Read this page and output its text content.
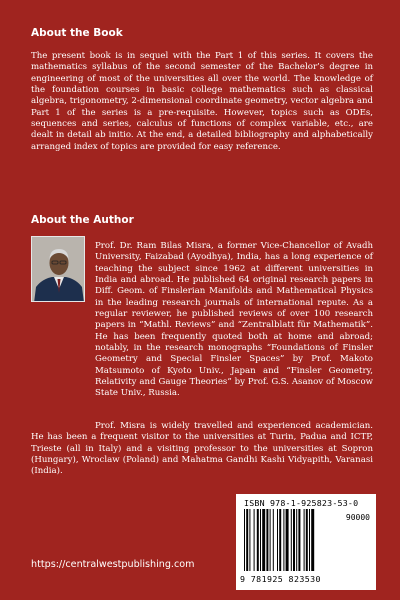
About the Book

The present book is in sequel with the Part 1 of this series. It covers the mathematics syllabus of the second semester of the Bachelor’s degree in engineering of most of the universities all over the world. The knowledge of the foundation courses in basic college mathematics such as classical algebra, trigonometry, 2-dimensional coordinate geometry, vector algebra and Part 1 of the series is a pre-requisite. However, topics such as ODEs, sequences and series, calculus of functions of complex variable, etc., are dealt in detail ab initio. At the end, a detailed bibliography and alphabetically arranged index of topics are provided for easy reference.

About the Author

Prof. Dr. Ram Bilas Misra, a former Vice-Chancellor of Avadh University, Faizabad (Ayodhya), India, has a long experience of teaching the subject since 1962 at different universities in India and abroad. He published 64 original research papers in Diff. Geom. of Finslerian Manifolds and Mathematical Physics in the leading research journals of international repute. As a regular reviewer, he published reviews of over 100 research papers in “Mathl. Reviews” and “Zentralblatt für Mathematik”. He has been frequently quoted both at home and abroad; notably, in the research monographs “Foundations of Finsler Geometry and Special Finsler Spaces” by Prof. Makoto Matsumoto of Kyoto Univ., Japan and “Finsler Geometry, Relativity and Gauge Theories” by Prof. G.S. Asanov of Moscow State Univ., Russia.

Prof. Misra is widely travelled and experienced academician. He has been a frequent visitor to the universities at Turin, Padua and ICTP, Trieste (all in Italy) and a visiting professor to the universities at Sopron (Hungary), Wroclaw (Poland) and Mahatma Gandhi Kashi Vidyapith, Varanasi (India).

https://centralwestpublishing.com
ISBN 978-1-925823-53-0
90000
9 781925 823530
